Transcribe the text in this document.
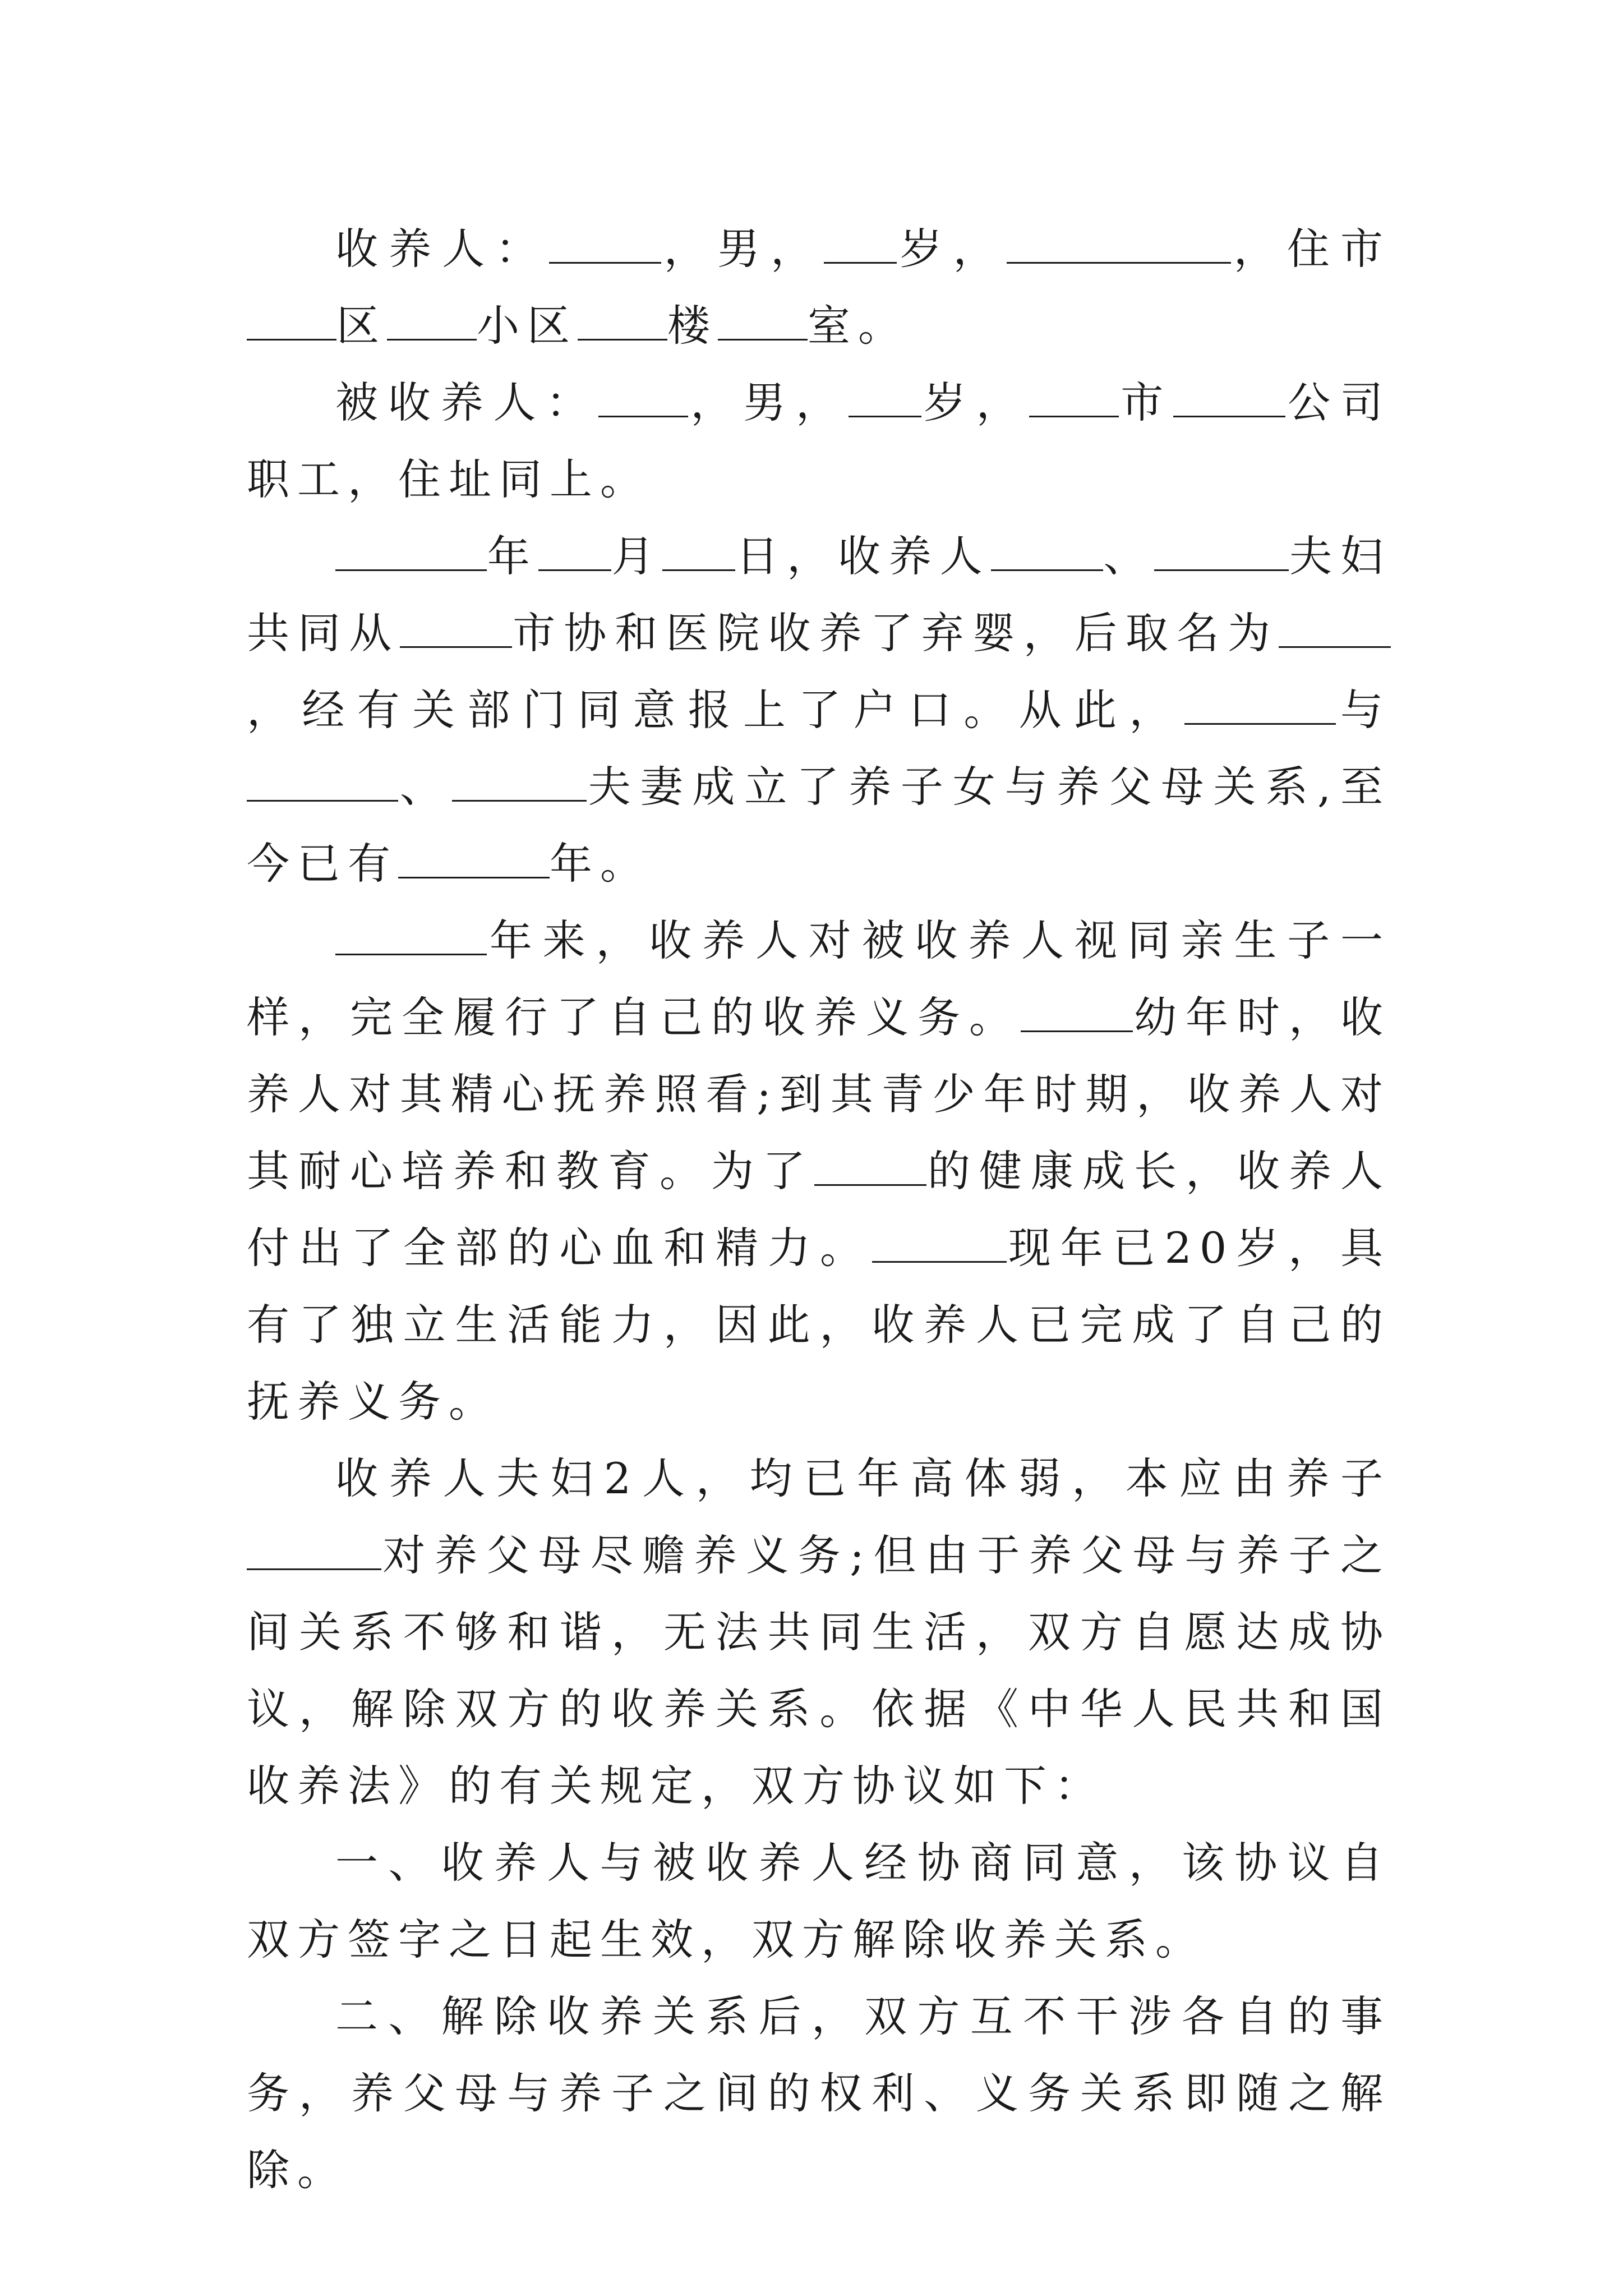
收养人：	，男， 岁，	，住市区 小区 楼 室。

被收养人： ，男， 岁， 市	公司职工，住址同上。

年 月 日，收养人	、	夫妇共同从	市协和医院收养了弃婴，后取名为，经有关部门同意报上了户口。从此，	与、	夫妻成立了养子女与养父母关系,至今已有	年。

年来，收养人对被收养人视同亲生子一样，完全履行了自己的收养义务。	幼年时，收养人对其精心抚养照看;到其青少年时期，收养人对其耐心培养和教育。为了	的健康成长，收养人付出了全部的心血和精力。	现年已20岁，具有了独立生活能力，因此，收养人已完成了自己的抚养义务。

收养人夫妇2人，均已年高体弱，本应由养子对养父母尽赡养义务;但由于养父母与养子之间关系不够和谐，无法共同生活，双方自愿达成协议，解除双方的收养关系。依据《中华人民共和国收养法》的有关规定，双方协议如下：

一、收养人与被收养人经协商同意，该协议自双方签字之日起生效，双方解除收养关系。

二、解除收养关系后，双方互不干涉各自的事务，养父母与养子之间的权利、义务关系即随之解除。
